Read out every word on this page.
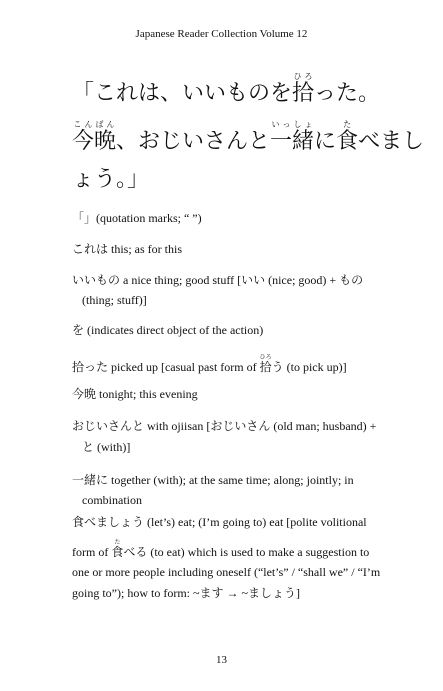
Japanese Reader Collection Volume 12
「これは、いいものを拾ひろった。
今晩こんばん、おじいさんと一緒いっしょに食たべまし
ょう。」
「」(quotation marks; “ ”)
これは this; as for this
いいもの a nice thing; good stuff [いい (nice; good) + もの
(thing; stuff)]
を (indicates direct object of the action)
拾った picked up [casual past form of 拾ひろう (to pick up)]
今晩 tonight; this evening
おじいさんと with ojiisan [おじいさん (old man; husband) +
と (with)]
一緒に together (with); at the same time; along; jointly; in
combination
食べましょう (let’s) eat; (I’m going to) eat [polite volitional
form of 食たべる (to eat) which is used to make a suggestion to
one or more people including oneself (“let’s” / “shall we” / “I’m
going to”); how to form: ~ます → ~ましょう]
13
